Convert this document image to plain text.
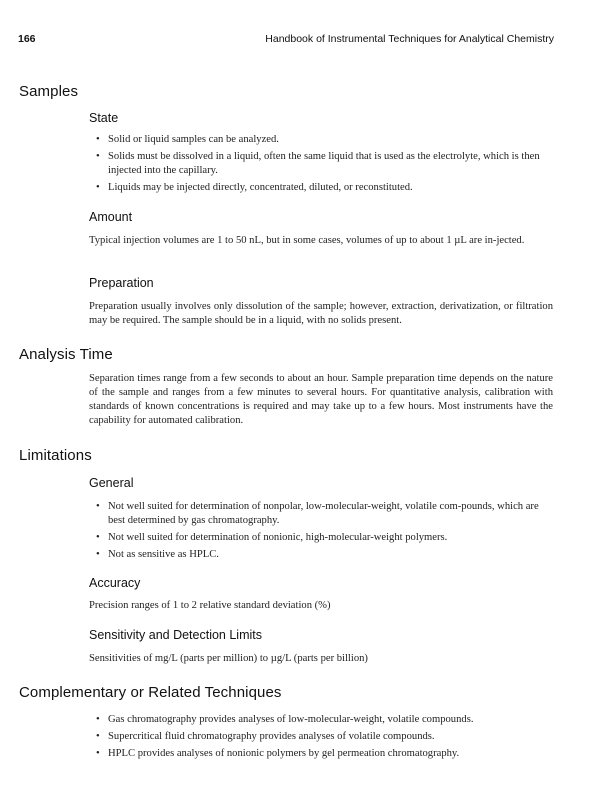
166	Handbook of Instrumental Techniques for Analytical Chemistry
Samples
State
• Solid or liquid samples can be analyzed.
• Solids must be dissolved in a liquid, often the same liquid that is used as the electrolyte, which is then injected into the capillary.
• Liquids may be injected directly, concentrated, diluted, or reconstituted.
Amount
Typical injection volumes are 1 to 50 nL, but in some cases, volumes of up to about 1 µL are in-jected.
Preparation
Preparation usually involves only dissolution of the sample; however, extraction, derivatization, or filtration may be required. The sample should be in a liquid, with no solids present.
Analysis Time
Separation times range from a few seconds to about an hour. Sample preparation time depends on the nature of the sample and ranges from a few minutes to several hours. For quantitative analysis, calibration with standards of known concentrations is required and may take up to a few hours. Most instruments have the capability for automated calibration.
Limitations
General
• Not well suited for determination of nonpolar, low-molecular-weight, volatile com-pounds, which are best determined by gas chromatography.
• Not well suited for determination of nonionic, high-molecular-weight polymers.
• Not as sensitive as HPLC.
Accuracy
Precision ranges of 1 to 2 relative standard deviation (%)
Sensitivity and Detection Limits
Sensitivities of mg/L (parts per million) to µg/L (parts per billion)
Complementary or Related Techniques
• Gas chromatography provides analyses of low-molecular-weight, volatile compounds.
• Supercritical fluid chromatography provides analyses of volatile compounds.
• HPLC provides analyses of nonionic polymers by gel permeation chromatography.
